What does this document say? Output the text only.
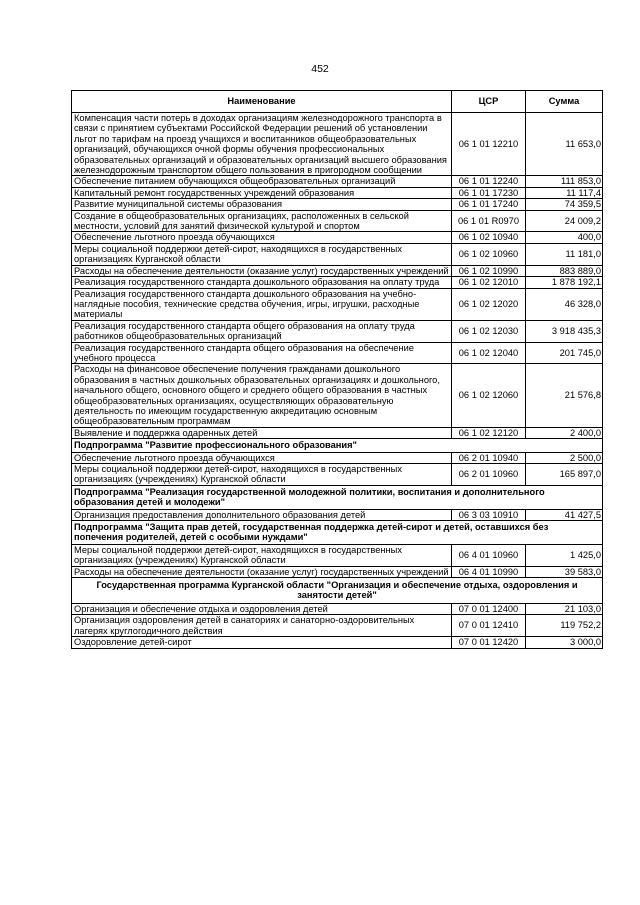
452
Наименование	ЦСР	Сумма
Компенсация части потерь в доходах организациям железнодорожного транспорта в связи с принятием субъектами Российской Федерации решений об установлении льгот по тарифам на проезд учащихся и воспитанников общеобразовательных организаций, обучающихся очной формы обучения профессиональных образовательных организаций и образовательных организаций высшего образования железнодорожным транспортом общего пользования в пригородном сообщении	06 1 01 12210	11 653,0
Обеспечение питанием обучающихся общеобразовательных организаций	06 1 01 12240	111 853,0
Капитальный ремонт государственных учреждений образования	06 1 01 17230	11 117,4
Развитие муниципальной системы образования	06 1 01 17240	74 359,5
Создание в общеобразовательных организациях, расположенных в сельской местности, условий для занятий физической культурой и спортом	06 1 01 R0970	24 009,2
Обеспечение льготного проезда обучающихся	06 1 02 10940	400,0
Меры социальной поддержки детей-сирот, находящихся в государственных организациях Курганской области	06 1 02 10960	11 181,0
Расходы на обеспечение деятельности (оказание услуг) государственных учреждений	06 1 02 10990	883 889,0
Реализация государственного стандарта дошкольного образования на оплату труда	06 1 02 12010	1 878 192,1
Реализация государственного стандарта дошкольного образования на учебно-наглядные пособия, технические средства обучения, игры, игрушки, расходные материалы	06 1 02 12020	46 328,0
Реализация государственного стандарта общего образования на оплату труда работников общеобразовательных организаций	06 1 02 12030	3 918 435,3
Реализация государственного стандарта общего образования на обеспечение учебного процесса	06 1 02 12040	201 745,0
Расходы на финансовое обеспечение получения гражданами дошкольного образования в частных дошкольных образовательных организациях и дошкольного, начального общего, основного общего и среднего общего образования в частных общеобразовательных организациях, осуществляющих образовательную деятельность по имеющим государственную аккредитацию основным общеобразовательным программам	06 1 02 12060	21 576,8
Выявление и поддержка одаренных детей	06 1 02 12120	2 400,0
Подпрограмма "Развитие профессионального образования"		
Обеспечение льготного проезда обучающихся	06 2 01 10940	2 500,0
Меры социальной поддержки детей-сирот, находящихся в государственных организациях (учреждениях) Курганской области	06 2 01 10960	165 897,0
Подпрограмма "Реализация государственной молодежной политики, воспитания и дополнительного образования детей и молодежи"		
Организация предоставления дополнительного образования детей	06 3 03 10910	41 427,5
Подпрограмма "Защита прав детей, государственная поддержка детей-сирот и детей, оставшихся без попечения родителей, детей с особыми нуждами"		
Меры социальной поддержки детей-сирот, находящихся в государственных организациях (учреждениях) Курганской области	06 4 01 10960	1 425,0
Расходы на обеспечение деятельности (оказание услуг) государственных учреждений	06 4 01 10990	39 583,0
Государственная программа Курганской области "Организация и обеспечение отдыха, оздоровления и занятости детей"		
Организация и обеспечение отдыха и оздоровления детей	07 0 01 12400	21 103,0
Организация оздоровления детей в санаториях и санаторно-оздоровительных лагерях круглогодичного действия	07 0 01 12410	119 752,2
Оздоровление детей-сирот	07 0 01 12420	3 000,0
